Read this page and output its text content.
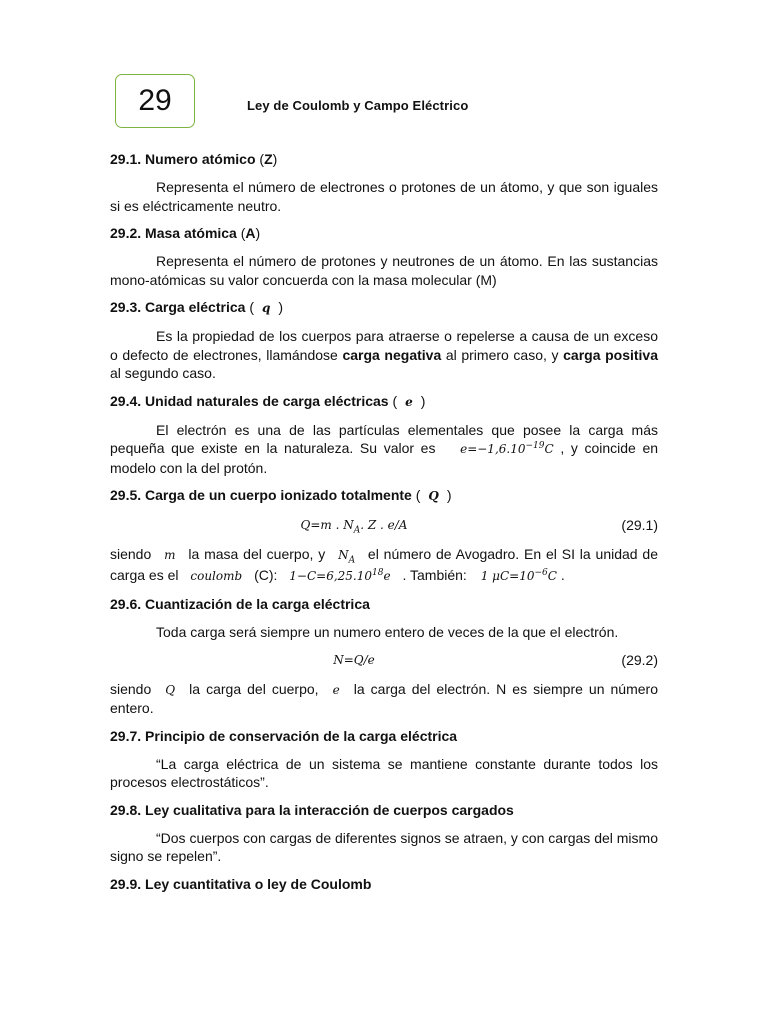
29	Ley de Coulomb y Campo Eléctrico
29.1. Numero atómico (Z)

Representa el número de electrones o protones de un átomo, y que son iguales si es eléctricamente neutro.

29.2. Masa atómica (A)

Representa el número de protones y neutrones de un átomo. En las sustancias mono-atómicas su valor concuerda con la masa molecular (M)

29.3. Carga eléctrica ( q )

Es la propiedad de los cuerpos para atraerse o repelerse a causa de un exceso o defecto de electrones, llamándose carga negativa al primero caso, y carga positiva al segundo caso.

29.4. Unidad naturales de carga eléctricas ( e )

El electrón es una de las partículas elementales que posee la carga más pequeña que existe en la naturaleza. Su valor es $e=-1,6.10^{-19}C$ , y coincide en modelo con la del protón.

29.5. Carga de un cuerpo ionizado totalmente ( Q )
Q=m . $N_A$. Z . e/A	(29.1)

siendo m la masa del cuerpo, y $N_A$ el número de Avogadro. En el SI la unidad de carga es el coulomb (C): $1-C=6,25.10^{18}e$ . También: 1 $\mu C=10^{-6}C$ .

29.6. Cuantización de la carga eléctrica

Toda carga será siempre un numero entero de veces de la que el electrón.

N=Q/e	(29.2)

siendo Q la carga del cuerpo, e la carga del electrón. N es siempre un número entero.

29.7. Principio de conservación de la carga eléctrica

“La carga eléctrica de un sistema se mantiene constante durante todos los procesos electrostáticos”.

29.8. Ley cualitativa para la interacción de cuerpos cargados

“Dos cuerpos con cargas de diferentes signos se atraen, y con cargas del mismo signo se repelen”.

29.9. Ley cuantitativa o ley de Coulomb
